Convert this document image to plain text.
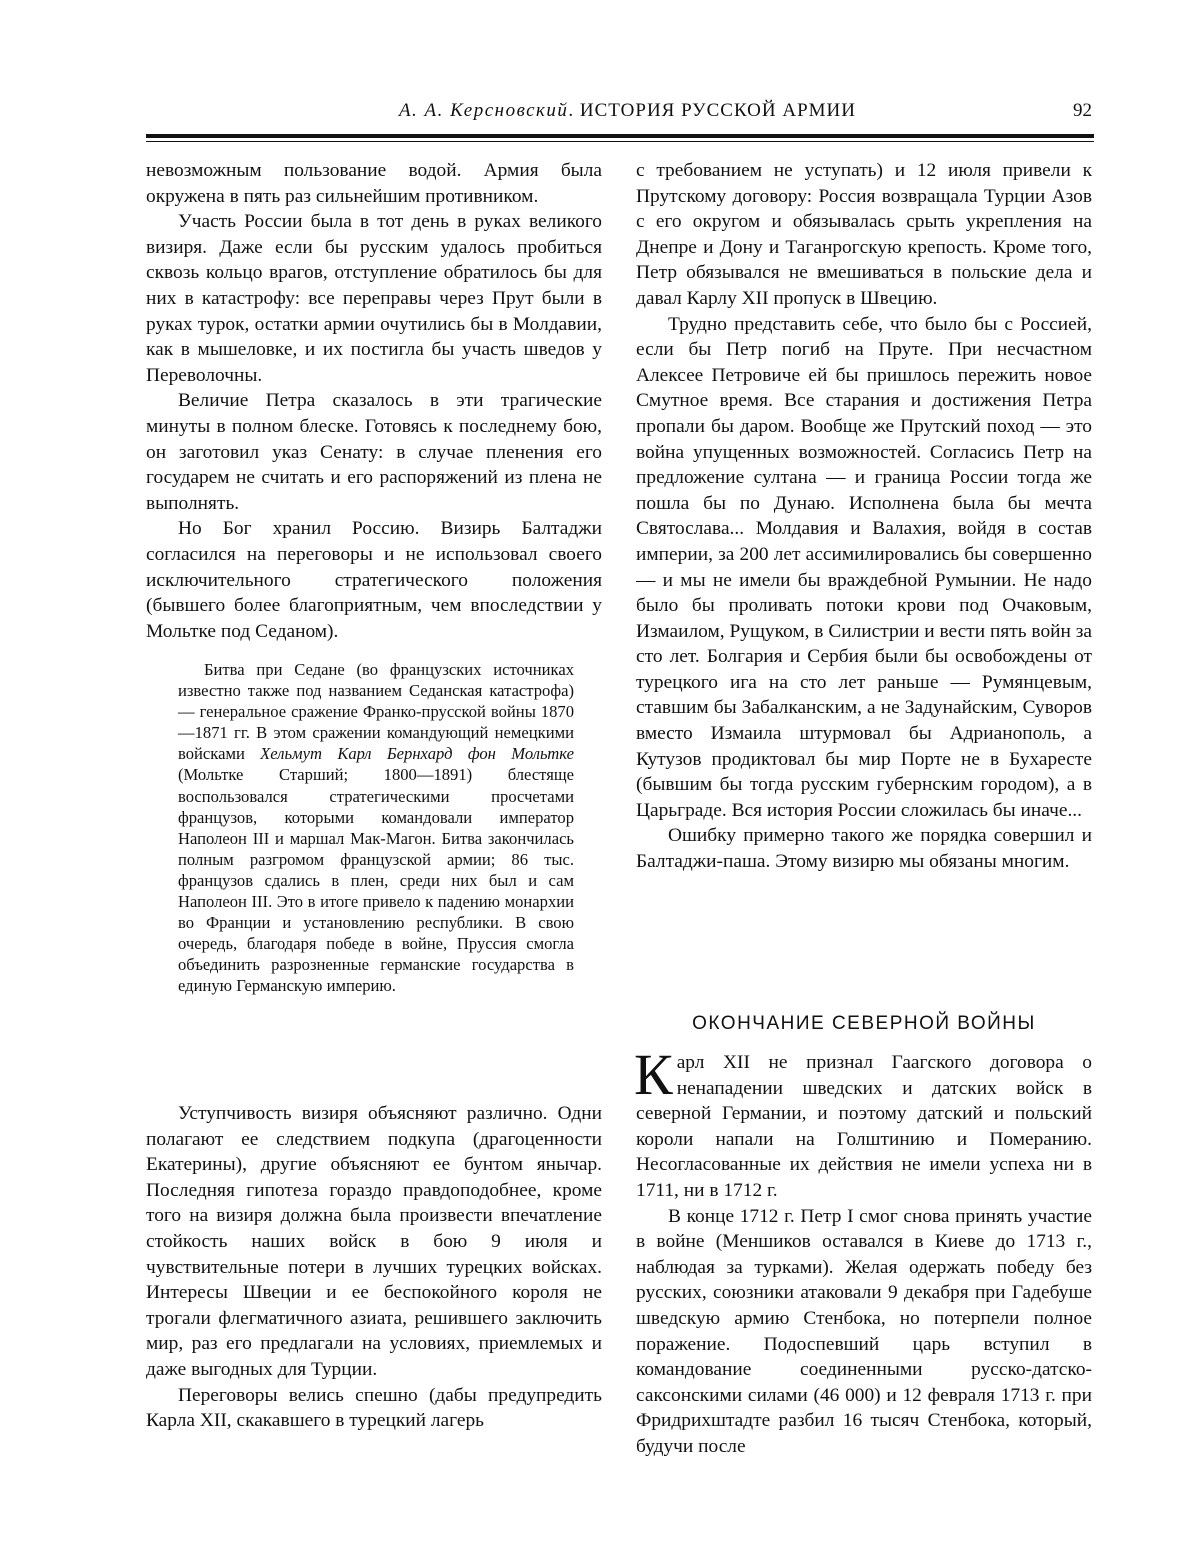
А. А. Керсновский. ИСТОРИЯ РУССКОЙ АРМИИ	92

невозможным пользование водой. Армия была окружена в пять раз сильнейшим противником.

Участь России была в тот день в руках великого визиря. Даже если бы русским удалось пробиться сквозь кольцо врагов, отступление обратилось бы для них в катастрофу: все переправы через Прут были в руках турок, остатки армии очутились бы в Молдавии, как в мышеловке, и их постигла бы участь шведов у Переволочны.

Величие Петра сказалось в эти трагические минуты в полном блеске. Готовясь к последнему бою, он заготовил указ Сенату: в случае пленения его государем не считать и его распоряжений из плена не выполнять.

Но Бог хранил Россию. Визирь Балтаджи согласился на переговоры и не использовал своего исключительного стратегического положения (бывшего более благоприятным, чем впоследствии у Мольтке под Седаном).

Битва при Седане (во французских источниках известно также под названием Седанская катастрофа) — генеральное сражение Франко-прусской войны 1870—1871 гг. В этом сражении командующий немецкими войсками Хельмут Карл Бернхард фон Мольтке (Мольтке Старший; 1800—1891) блестяще воспользовался стратегическими просчетами французов, которыми командовали император Наполеон III и маршал Мак-Магон. Битва закончилась полным разгромом французской армии; 86 тыс. французов сдались в плен, среди них был и сам Наполеон III. Это в итоге привело к падению монархии во Франции и установлению республики. В свою очередь, благодаря победе в войне, Пруссия смогла объединить разрозненные германские государства в единую Германскую империю.

Уступчивость визиря объясняют различно. Одни полагают ее следствием подкупа (драгоценности Екатерины), другие объясняют ее бунтом янычар. Последняя гипотеза гораздо правдоподобнее, кроме того на визиря должна была произвести впечатление стойкость наших войск в бою 9 июля и чувствительные потери в лучших турецких войсках. Интересы Швеции и ее беспокойного короля не трогали флегматичного азиата, решившего заключить мир, раз его предлагали на условиях, приемлемых и даже выгодных для Турции.

Переговоры велись спешно (дабы предупредить Карла XII, скакавшего в турецкий лагерь

с требованием не уступать) и 12 июля привели к Прутскому договору: Россия возвращала Турции Азов с его округом и обязывалась срыть укрепления на Днепре и Дону и Таганрогскую крепость. Кроме того, Петр обязывался не вмешиваться в польские дела и давал Карлу XII пропуск в Швецию.

Трудно представить себе, что было бы с Россией, если бы Петр погиб на Пруте. При несчастном Алексее Петровиче ей бы пришлось пережить новое Смутное время. Все старания и достижения Петра пропали бы даром. Вообще же Прутский поход — это война упущенных возможностей. Согласись Петр на предложение султана — и граница России тогда же пошла бы по Дунаю. Исполнена была бы мечта Святослава... Молдавия и Валахия, войдя в состав империи, за 200 лет ассимилировались бы совершенно — и мы не имели бы враждебной Румынии. Не надо было бы проливать потоки крови под Очаковым, Измаилом, Рущуком, в Силистрии и вести пять войн за сто лет. Болгария и Сербия были бы освобождены от турецкого ига на сто лет раньше — Румянцевым, ставшим бы Забалканским, а не Задунайским, Суворов вместо Измаила штурмовал бы Адрианополь, а Кутузов продиктовал бы мир Порте не в Бухаресте (бывшим бы тогда русским губернским городом), а в Царьграде. Вся история России сложилась бы иначе...

Ошибку примерно такого же порядка совершил и Балтаджи-паша. Этому визирю мы обязаны многим.

ОКОНЧАНИЕ СЕВЕРНОЙ ВОЙНЫ

Карл XII не признал Гаагского договора о ненападении шведских и датских войск в северной Германии, и поэтому датский и польский короли напали на Голштинию и Померанию. Несогласованные их действия не имели успеха ни в 1711, ни в 1712 г.

В конце 1712 г. Петр I смог снова принять участие в войне (Меншиков оставался в Киеве до 1713 г., наблюдая за турками). Желая одержать победу без русских, союзники атаковали 9 декабря при Гадебуше шведскую армию Стенбока, но потерпели полное поражение. Подоспевший царь вступил в командование соединенными русско-датско-саксонскими силами (46 000) и 12 февраля 1713 г. при Фридрихштадте разбил 16 тысяч Стенбока, который, будучи после
